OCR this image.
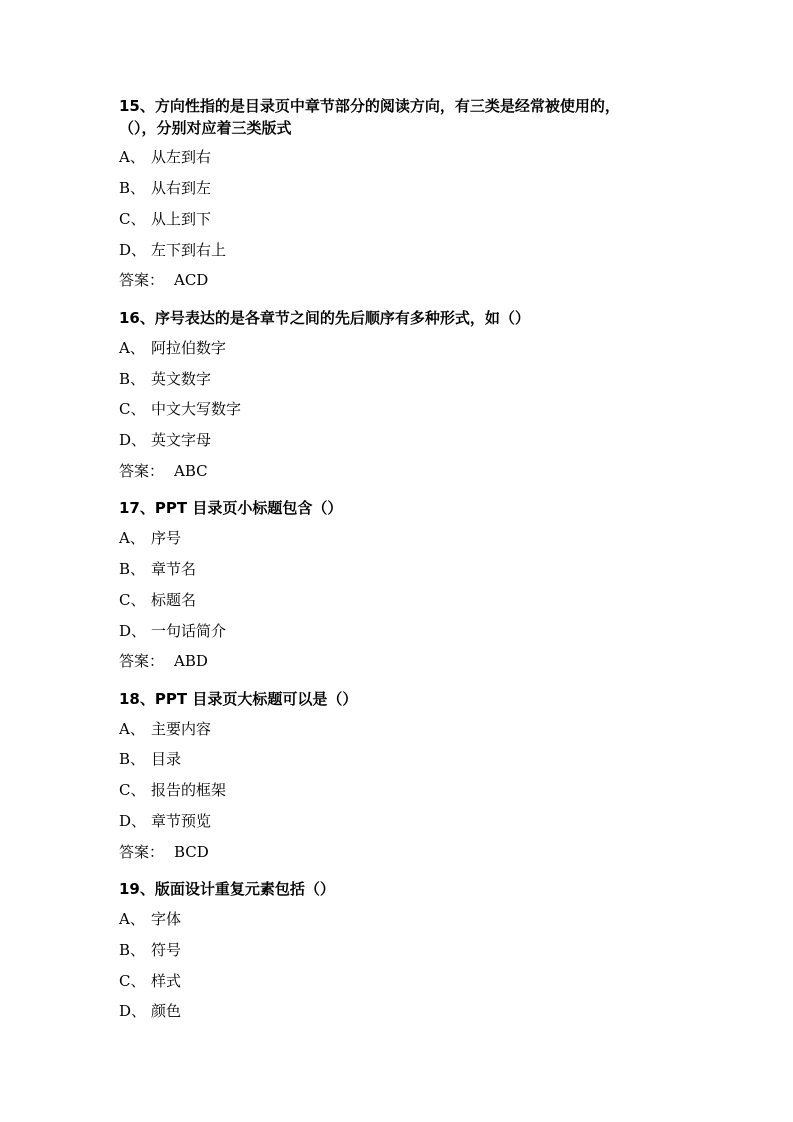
15、方向性指的是目录页中章节部分的阅读方向，有三类是经常被使用的，
（），分别对应着三类版式
A、 从左到右
B、 从右到左
C、 从上到下
D、 左下到右上
答案： ACD
16、序号表达的是各章节之间的先后顺序有多种形式，如（）
A、 阿拉伯数字
B、 英文数字
C、 中文大写数字
D、 英文字母
答案： ABC
17、PPT 目录页小标题包含（）
A、 序号
B、 章节名
C、 标题名
D、 一句话简介
答案： ABD
18、PPT 目录页大标题可以是（）
A、 主要内容
B、 目录
C、 报告的框架
D、 章节预览
答案： BCD
19、版面设计重复元素包括（）
A、 字体
B、 符号
C、 样式
D、 颜色
